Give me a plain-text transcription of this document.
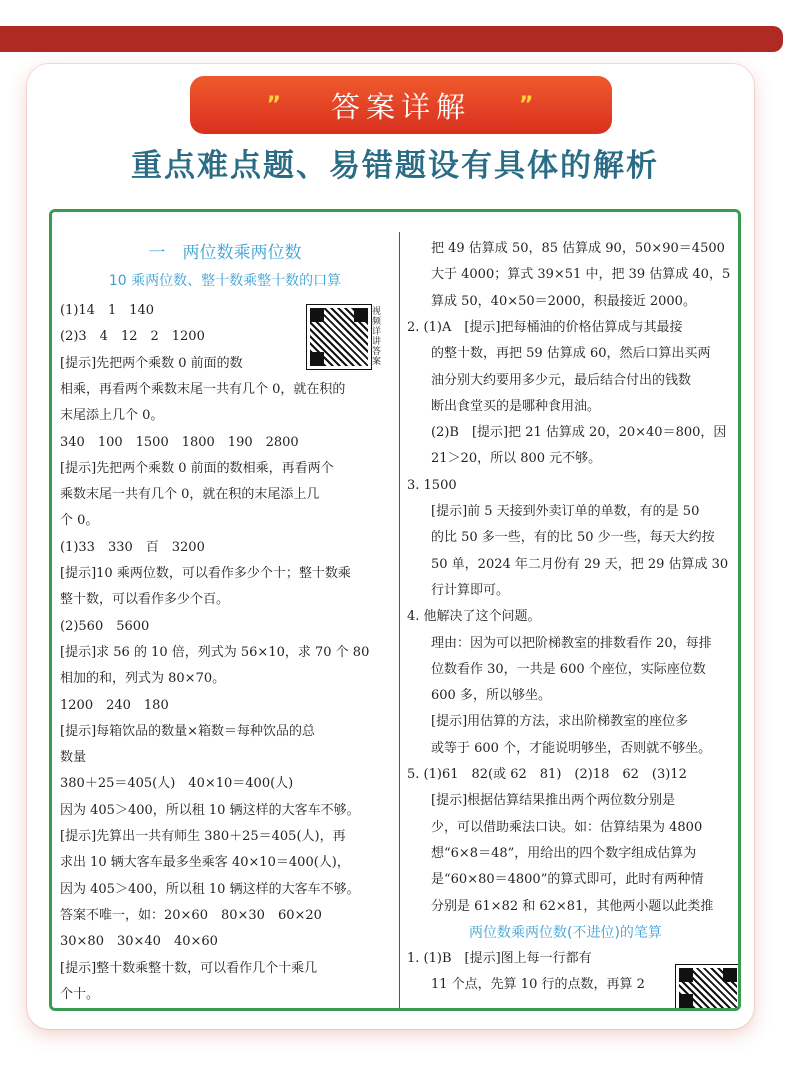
” 答案详解 ”
重点难点题、易错题设有具体的解析
一　两位数乘两位数
10 乘两位数、整十数乘整十数的口算
(1)14　1　140
(2)3　4　12　2　1200
[提示]先把两个乘数 0 前面的数
相乘，再看两个乘数末尾一共有几个 0，就在积的
末尾添上几个 0。
340　100　1500　1800　190　2800
[提示]先把两个乘数 0 前面的数相乘，再看两个
乘数末尾一共有几个 0，就在积的末尾添上几
个 0。
(1)33　330　百　3200
[提示]10 乘两位数，可以看作多少个十；整十数乘
整十数，可以看作多少个百。
(2)560　5600
[提示]求 56 的 10 倍，列式为 56×10，求 70 个 80
相加的和，列式为 80×70。
1200　240　180
[提示]每箱饮品的数量×箱数＝每种饮品的总
数量
380＋25＝405(人)　40×10＝400(人)
因为 405＞400，所以租 10 辆这样的大客车不够。
[提示]先算出一共有师生 380＋25＝405(人)，再
求出 10 辆大客车最多坐乘客 40×10＝400(人)，
因为 405＞400，所以租 10 辆这样的大客车不够。
答案不唯一，如：20×60　80×30　60×20
30×80　30×40　40×60
[提示]整十数乘整十数，可以看作几个十乘几
个十。
视频详讲答案
把 49 估算成 50，85 估算成 90，50×90＝4500
大于 4000；算式 39×51 中，把 39 估算成 40，5
算成 50，40×50＝2000，积最接近 2000。
2. (1)A　[提示]把每桶油的价格估算成与其最接
的整十数，再把 59 估算成 60，然后口算出买两
油分别大约要用多少元，最后结合付出的钱数
断出食堂买的是哪种食用油。
(2)B　[提示]把 21 估算成 20，20×40＝800，因
21＞20，所以 800 元不够。
3. 1500
[提示]前 5 天接到外卖订单的单数，有的是 50
的比 50 多一些，有的比 50 少一些，每天大约按
50 单，2024 年二月份有 29 天，把 29 估算成 30
行计算即可。
4. 他解决了这个问题。
理由：因为可以把阶梯教室的排数看作 20，每排
位数看作 30，一共是 600 个座位，实际座位数
600 多，所以够坐。
[提示]用估算的方法，求出阶梯教室的座位多
或等于 600 个，才能说明够坐，否则就不够坐。
5. (1)61　82(或 62　81)　(2)18　62　(3)12
[提示]根据估算结果推出两个两位数分别是
少，可以借助乘法口诀。如：估算结果为 4800
想“6×8＝48”，用给出的四个数字组成估算为
是“60×80＝4800”的算式即可，此时有两种情
分别是 61×82 和 62×81，其他两小题以此类推
两位数乘两位数(不进位)的笔算
1. (1)B　[提示]图上每一行都有
11 个点，先算 10 行的点数，再算 2
